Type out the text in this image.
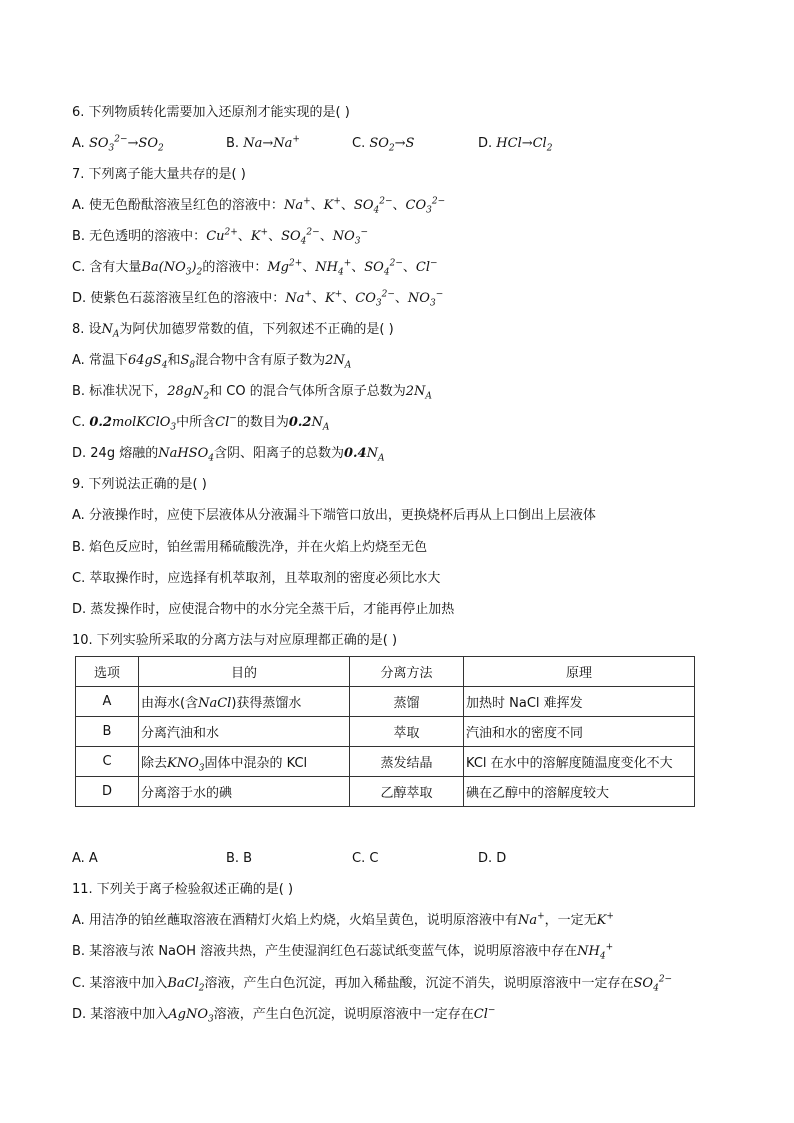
6. 下列物质转化需要加入还原剂才能实现的是( )
A. $SO_3^{2-}\to SO_2$	B. Na→Na+	C. $SO_2\to S$	D. $HCl\to Cl_2$
7. 下列离子能大量共存的是( )
A. 使无色酚酞溶液呈红色的溶液中：Na+、K+、$SO_4^{2-}$、$CO_3^{2-}$
B. 无色透明的溶液中：$Cu^{2+}$、K+、$SO_4^{2-}$、$NO_3^-$
C. 含有大量$Ba(NO_3)_2$的溶液中：$Mg^{2+}$、$NH_4^+$、$SO_4^{2-}$、Cl−
D. 使紫色石蕊溶液呈红色的溶液中：Na+、K+、$CO_3^{2-}$、$NO_3^-$
8. 设$N_A$为阿伏加德罗常数的值，下列叙述不正确的是( )
A. 常温下$64gS_4$和$S_8$混合物中含有原子数为$2N_A$
B. 标准状况下，$28gN_2$和 CO 的混合气体所含原子总数为$2N_A$
C. 0.2molKClO$_3$中所含Cl−的数目为$0.2N_A$
D. 24g 熔融的NaHSO$_4$含阴、阳离子的总数为$0.4N_A$
9. 下列说法正确的是( )
A. 分液操作时，应使下层液体从分液漏斗下端管口放出，更换烧杯后再从上口倒出上层液体
B. 焰色反应时，铂丝需用稀硫酸洗净，并在火焰上灼烧至无色
C. 萃取操作时，应选择有机萃取剂，且萃取剂的密度必须比水大
D. 蒸发操作时，应使混合物中的水分完全蒸干后，才能再停止加热
10. 下列实验所采取的分离方法与对应原理都正确的是( )
选项	目的	分离方法	原理
A	由海水(含NaCl)获得蒸馏水	蒸馏	加热时 NaCl 难挥发
B	分离汽油和水	萃取	汽油和水的密度不同
C	除去$KNO_3$固体中混杂的 KCl	蒸发结晶	KCl 在水中的溶解度随温度变化不大
D	分离溶于水的碘	乙醇萃取	碘在乙醇中的溶解度较大
A. A	B. B	C. C	D. D
11. 下列关于离子检验叙述正确的是( )
A. 用洁净的铂丝蘸取溶液在酒精灯火焰上灼烧，火焰呈黄色，说明原溶液中有Na+，一定无K+
B. 某溶液与浓 NaOH 溶液共热，产生使湿润红色石蕊试纸变蓝气体，说明原溶液中存在$NH_4^+$
C. 某溶液中加入BaCl$_2$溶液，产生白色沉淀，再加入稀盐酸，沉淀不消失，说明原溶液中一定存在$SO_4^{2-}$
D. 某溶液中加入AgNO$_3$溶液，产生白色沉淀，说明原溶液中一定存在Cl−
